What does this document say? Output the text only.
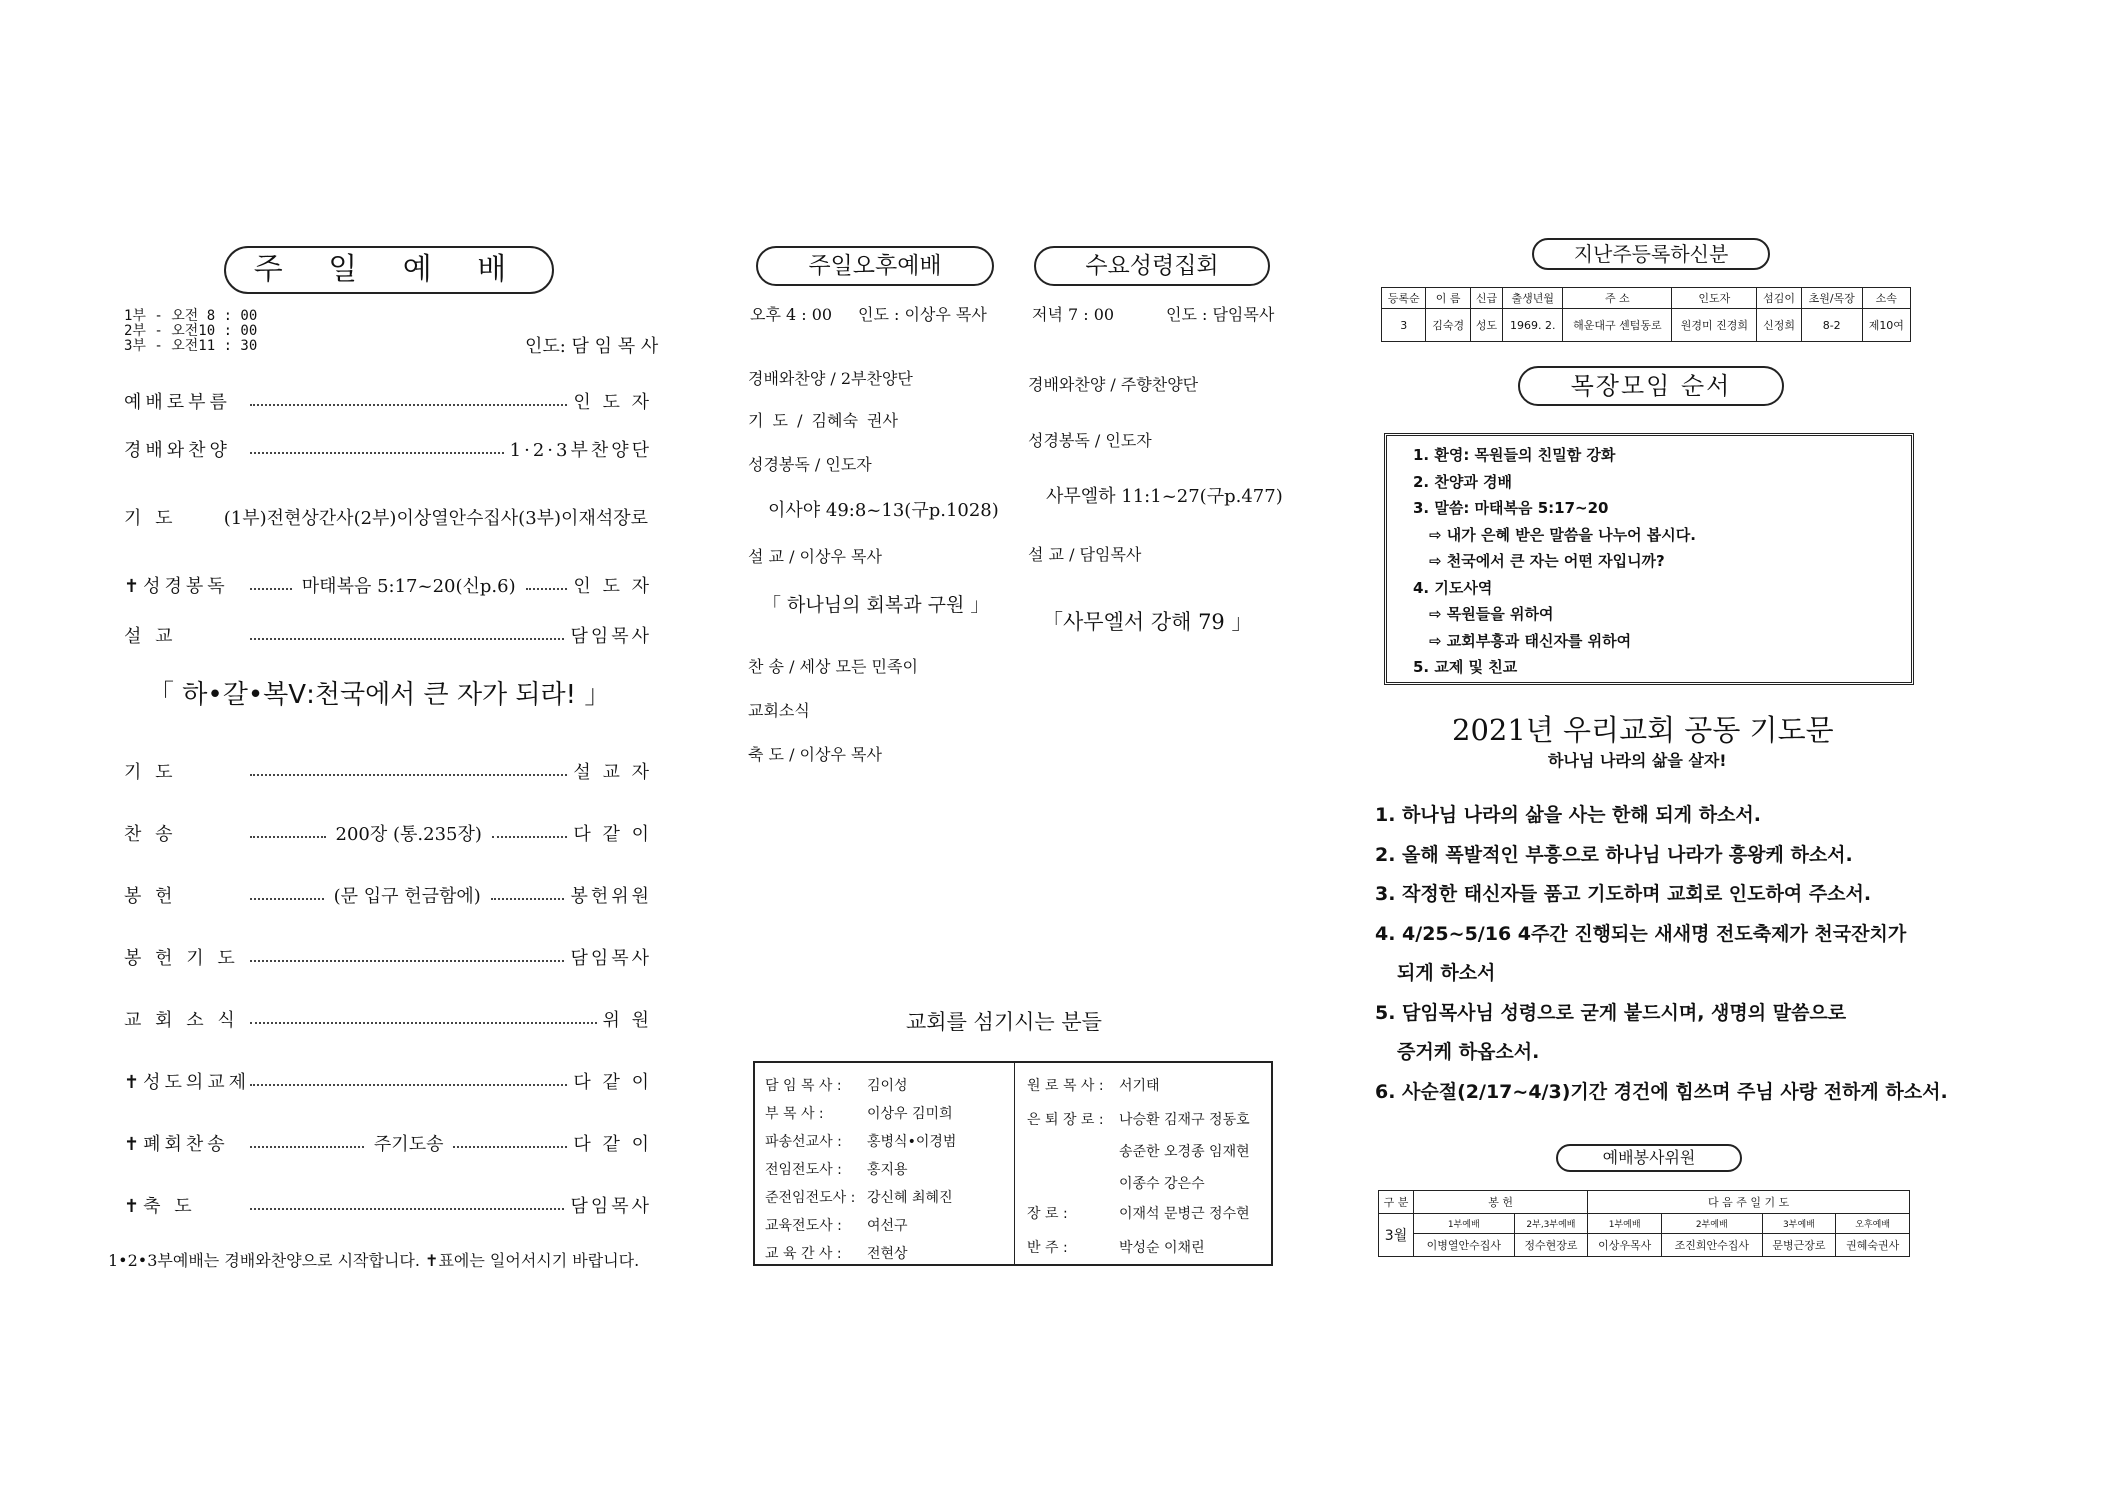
주 일 예 배
1부 - 오전 8 : 00
2부 - 오전10 : 00
3부 - 오전11 : 30	인도: 담 임 목 사
예배로부름	인 도 자
경배와찬양	1·2·3부찬양단
기 도	(1부)전현상간사(2부)이상열안수집사(3부)이재석장로
✝성경봉독	마태복음 5:17~20(신p.6)	인 도 자
설 교	담임목사
「 하•갈•복Ⅴ:천국에서 큰 자가 되라! 」
기 도	설 교 자
찬 송	200장 (통.235장)	다 같 이
봉 헌	(문 입구 헌금함에)	봉헌위원
봉 헌 기 도	담임목사
교 회 소 식	위 원
✝성도의교제	다 같 이
✝폐회찬송	주기도송	다 같 이
✝축 도	담임목사
1•2•3부예배는 경배와찬양으로 시작합니다. ✝표에는 일어서시기 바랍니다.
주일오후예배	수요성령집회
오후 4 : 00 인도 : 이상우 목사	저녁 7 : 00	인도 : 담임목사
경배와찬양 / 2부찬양단
기 도 / 김혜숙 권사
성경봉독 / 인도자
이사야 49:8~13(구p.1028)
설 교 / 이상우 목사
「 하나님의 회복과 구원 」
찬 송 / 세상 모든 민족이
교회소식
축 도 / 이상우 목사
경배와찬양 / 주향찬양단
성경봉독 / 인도자
사무엘하 11:1~27(구p.477)
설 교 / 담임목사
「사무엘서 강해 79 」
교회를 섬기시는 분들
담 임 목 사 : 김이성
부 목 사 :	이상우 김미희
파송선교사 : 홍병식•이경범
전임전도사 : 홍지용
준전임전도사 : 강신혜 최혜진
교육전도사 : 여선구
교 육 간 사 : 전현상
원 로 목 사 : 서기태
은 퇴 장 로 : 나승환 김재구 정동호
송준한 오경종 임재현
이종수 강은수
장 로 :	이재석 문병근 정수현
반 주 :	박성순 이채린
지난주등록하신분
등록순	이 름	신급	출생년월	주 소	인도자	섬김이	초원/목장	소속
3	김숙경	성도	1969. 2.	해운대구 센텀동로	원경미 진경희	신정희	8-2	제10여
목장모임 순서
1. 환영: 목원들의 친밀함 강화
2. 찬양과 경배
3. 말씀: 마태복음 5:17~20
⇨ 내가 은혜 받은 말씀을 나누어 봅시다.
⇨ 천국에서 큰 자는 어떤 자입니까?
4. 기도사역
⇨ 목원들을 위하여
⇨ 교회부흥과 태신자를 위하여
5. 교제 및 친교
2021년 우리교회 공동 기도문
하나님 나라의 삶을 살자!
1. 하나님 나라의 삶을 사는 한해 되게 하소서.
2. 올해 폭발적인 부흥으로 하나님 나라가 흥왕케 하소서.
3. 작정한 태신자들 품고 기도하며 교회로 인도하여 주소서.
4. 4/25~5/16 4주간 진행되는 새새명 전도축제가 천국잔치가
되게 하소서
5. 담임목사님 성령으로 굳게 붙드시며, 생명의 말씀으로
증거케 하옵소서.
6. 사순절(2/17~4/3)기간 경건에 힘쓰며 주님 사랑 전하게 하소서.
예배봉사위원
구 분	봉 헌		다 음 주 일 기 도			
3월	1부예배	2부,3부예배	1부예배	2부예배	3부예배	오후예배
	이병열안수집사	정수현장로	이상우목사	조진희안수집사	문병근장로	권혜숙권사
